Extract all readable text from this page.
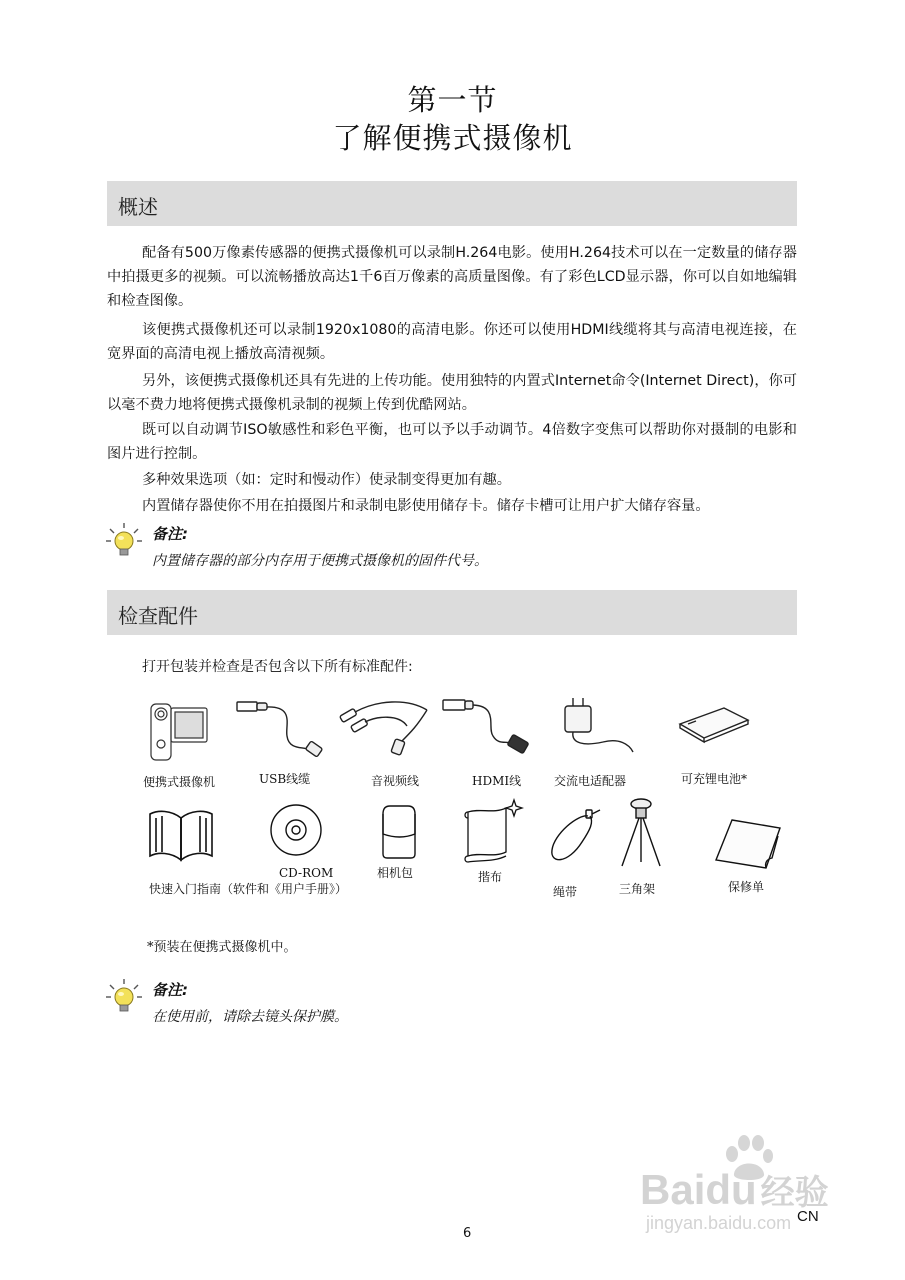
第一节
了解便携式摄像机
概述

配备有500万像素传感器的便携式摄像机可以录制H.264电影。使用H.264技术可以在一定数量的储存器中拍摄更多的视频。可以流畅播放高达1千6百万像素的高质量图像。有了彩色LCD显示器，你可以自如地编辑和检查图像。

该便携式摄像机还可以录制1920x1080的高清电影。你还可以使用HDMI线缆将其与高清电视连接，在宽界面的高清电视上播放高清视频。

另外，该便携式摄像机还具有先进的上传功能。使用独特的内置式Internet命令(Internet Direct)，你可以毫不费力地将便携式摄像机录制的视频上传到优酷网站。

既可以自动调节ISO敏感性和彩色平衡，也可以予以手动调节。4倍数字变焦可以帮助你对摄制的电影和图片进行控制。

多种效果选项（如：定时和慢动作）使录制变得更加有趣。

内置储存器使你不用在拍摄图片和录制电影使用储存卡。储存卡槽可让用户扩大储存容量。

备注:
内置储存器的部分内存用于便携式摄像机的固件代号。
检查配件
打开包装并检查是否包含以下所有标准配件:
便携式摄像机	USB线缆	音视频线	HDMI线	交流电适配器	可充锂电池*
CD-ROM
快速入门指南（软件和《用户手册》）
相机包	揩布
绳带	三角架	保修单
*预装在便携式摄像机中。
备注:
在使用前，请除去镜头保护膜。
Baidu 经验
jingyan.baidu.com
6
CN
